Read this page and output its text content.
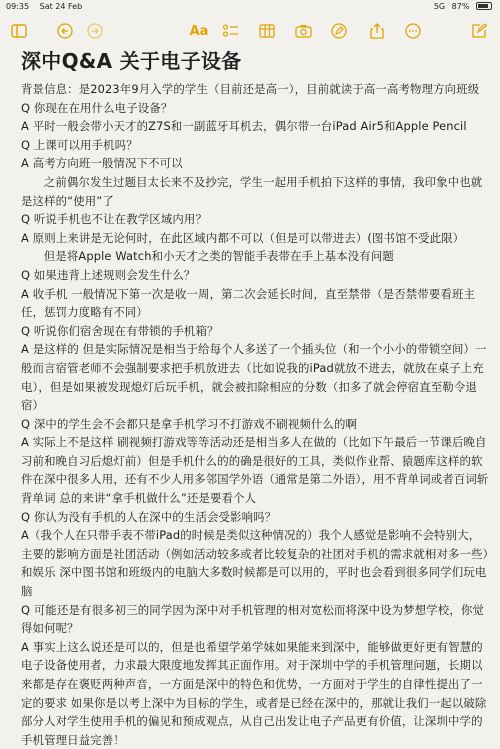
09:35 Sat 24 Feb	5G 87%
Aa
深中Q&A 关于电子设备

背景信息：是2023年9月入学的学生（目前还是高一），目前就读于高一高考物理方向班级

Q 你现在在用什么电子设备？

A 平时一般会带小天才的Z7S和一副蓝牙耳机去，偶尔带一台iPad Air5和Apple Pencil

Q 上课可以用手机吗？

A 高考方向班一般情况下不可以

之前偶尔发生过题目太长来不及抄完，学生一起用手机拍下这样的事情，我印象中也就是这样的“使用”了

Q 听说手机也不让在教学区域内用？

A 原则上来讲是无论何时，在此区域内都不可以（但是可以带进去）(图书馆不受此限）

但是将Apple Watch和小天才之类的智能手表带在手上基本没有问题

Q 如果违背上述规则会发生什么？

A 收手机 一般情况下第一次是收一周，第二次会延长时间，直至禁带（是否禁带要看班主任，惩罚力度略有不同）

Q 听说你们宿舍现在有带锁的手机箱？

A 是这样的 但是实际情况是相当于给每个人多送了一个插头位（和一个小小的带锁空间）一般而言宿管老师不会强制要求把手机放进去（比如说我的iPad就放不进去，就放在桌子上充电），但是如果被发现熄灯后玩手机，就会被扣除相应的分数（扣多了就会停宿直至勒令退宿）

Q 深中的学生会不会都只是拿手机学习不打游戏不刷视频什么的啊

A 实际上不是这样 刷视频打游戏等等活动还是相当多人在做的（比如下午最后一节课后晚自习前和晚自习后熄灯前）但是手机什么的的确是很好的工具，类似作业帮、猿题库这样的软件在深中很多人用，还有不少人用多邻国学外语（通常是第二外语），用不背单词或者百词斩背单词 总的来讲“拿手机做什么”还是要看个人

Q 你认为没有手机的人在深中的生活会受影响吗？

A（我个人在只带手表不带iPad的时候是类似这种情况的）我个人感觉是影响不会特别大，主要的影响方面是社团活动（例如活动较多或者比较复杂的社团对手机的需求就相对多一些）和娱乐 深中图书馆和班级内的电脑大多数时候都是可以用的，平时也会看到很多同学们玩电脑

Q 可能还是有很多初三的同学因为深中对手机管理的相对宽松而将深中设为梦想学校，你觉得如何呢？

A 事实上这么说还是可以的，但是也希望学弟学妹如果能来到深中，能够做更好更有智慧的电子设备使用者，力求最大限度地发挥其正面作用。对于深圳中学的手机管理问题，长期以来都是存在褒贬两种声音，一方面是深中的特色和优势，一方面对于学生的自律性提出了一定的要求 如果你是以考上深中为目标的学生，或者是已经在深中的，那就让我们一起以破除部分人对学生使用手机的偏见和预成观点，从自己出发让电子产品更有价值，让深圳中学的手机管理日益完善！
